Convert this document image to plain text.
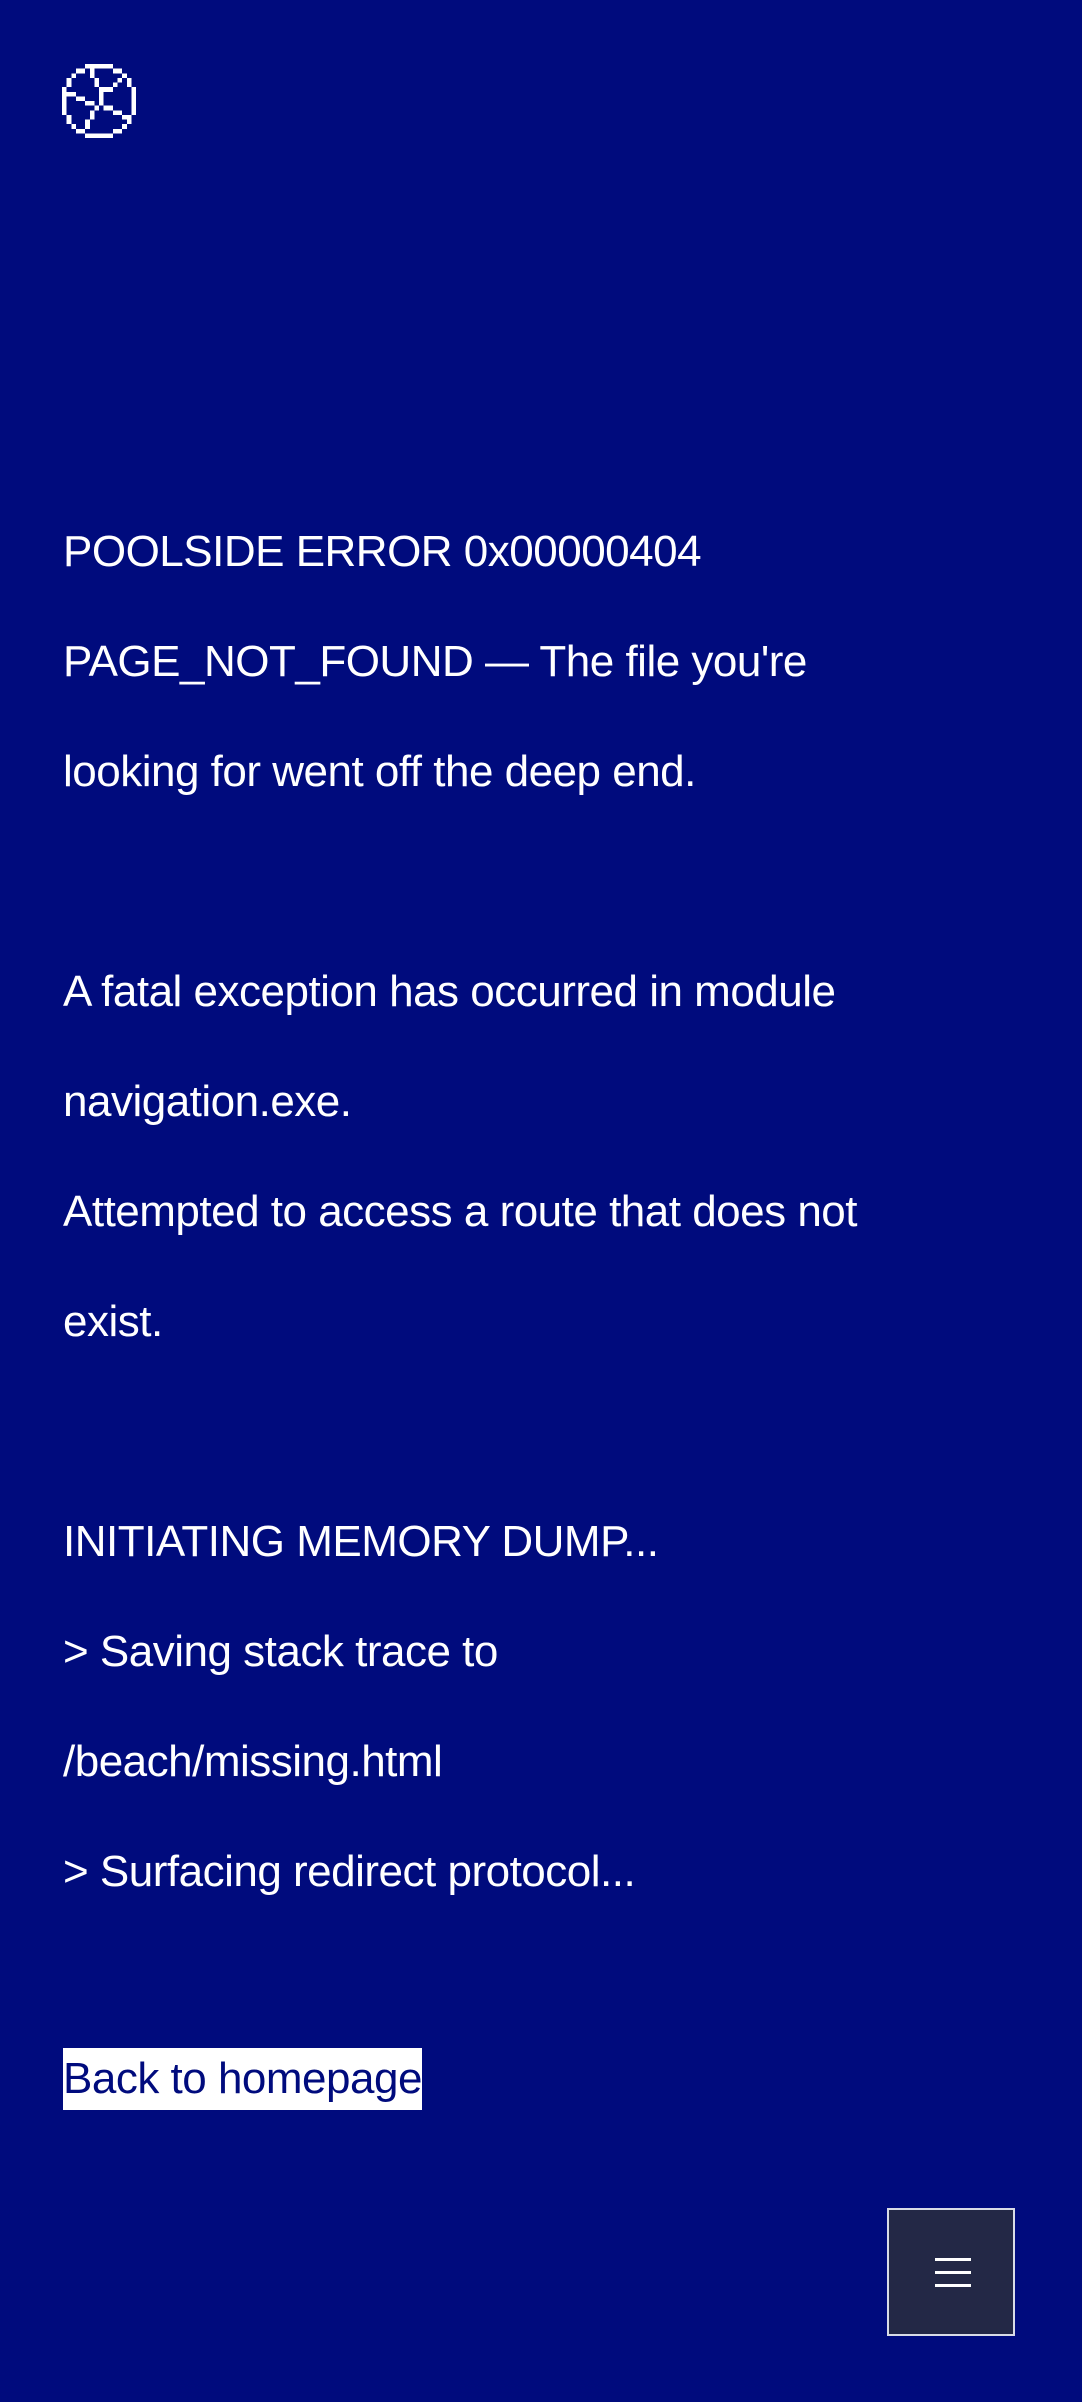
POOLSIDE ERROR 0x00000404
PAGE_NOT_FOUND — The file you're
looking for went off the deep end.
A fatal exception has occurred in module
navigation.exe.
Attempted to access a route that does not
exist.
INITIATING MEMORY DUMP...
> Saving stack trace to
/beach/missing.html
> Surfacing redirect protocol...
Back to homepage
